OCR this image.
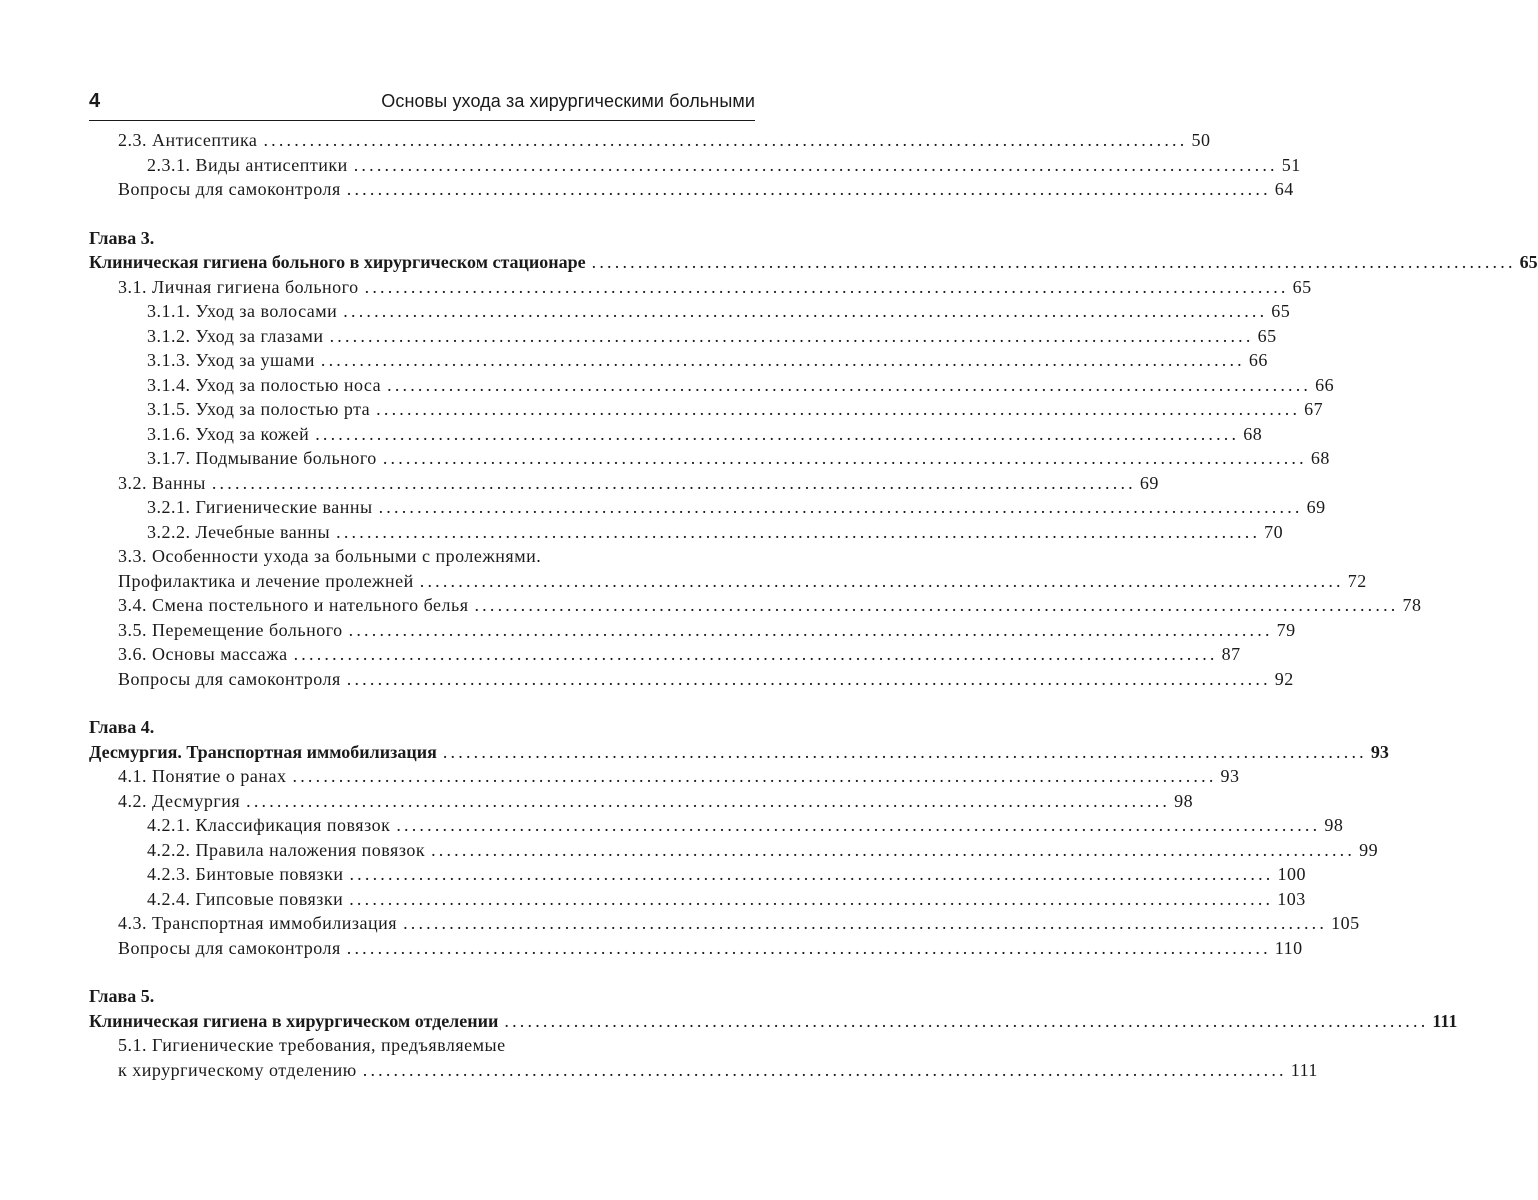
4	Основы ухода за хирургическими больными
2.3. Антисептика ........................................................................................................................ 50
2.3.1. Виды антисептики ........................................................................................................................ 51
Вопросы для самоконтроля ........................................................................................................................ 64
Глава 3.
Клиническая гигиена больного в хирургическом стационаре ........................................................................................................................ 65
3.1. Личная гигиена больного ........................................................................................................................ 65
3.1.1. Уход за волосами ........................................................................................................................ 65
3.1.2. Уход за глазами ........................................................................................................................ 65
3.1.3. Уход за ушами ........................................................................................................................ 66
3.1.4. Уход за полостью носа ........................................................................................................................ 66
3.1.5. Уход за полостью рта ........................................................................................................................ 67
3.1.6. Уход за кожей ........................................................................................................................ 68
3.1.7. Подмывание больного ........................................................................................................................ 68
3.2. Ванны ........................................................................................................................ 69
3.2.1. Гигиенические ванны ........................................................................................................................ 69
3.2.2. Лечебные ванны ........................................................................................................................ 70
3.3. Особенности ухода за больными с пролежнями.
Профилактика и лечение пролежней ........................................................................................................................ 72
3.4. Смена постельного и нательного белья ........................................................................................................................ 78
3.5. Перемещение больного ........................................................................................................................ 79
3.6. Основы массажа ........................................................................................................................ 87
Вопросы для самоконтроля ........................................................................................................................ 92
Глава 4.
Десмургия. Транспортная иммобилизация ........................................................................................................................ 93
4.1. Понятие о ранах ........................................................................................................................ 93
4.2. Десмургия ........................................................................................................................ 98
4.2.1. Классификация повязок ........................................................................................................................ 98
4.2.2. Правила наложения повязок ........................................................................................................................ 99
4.2.3. Бинтовые повязки ........................................................................................................................ 100
4.2.4. Гипсовые повязки ........................................................................................................................ 103
4.3. Транспортная иммобилизация ........................................................................................................................ 105
Вопросы для самоконтроля ........................................................................................................................ 110
Глава 5.
Клиническая гигиена в хирургическом отделении ........................................................................................................................ 111
5.1. Гигиенические требования, предъявляемые
к хирургическому отделению ........................................................................................................................ 111
